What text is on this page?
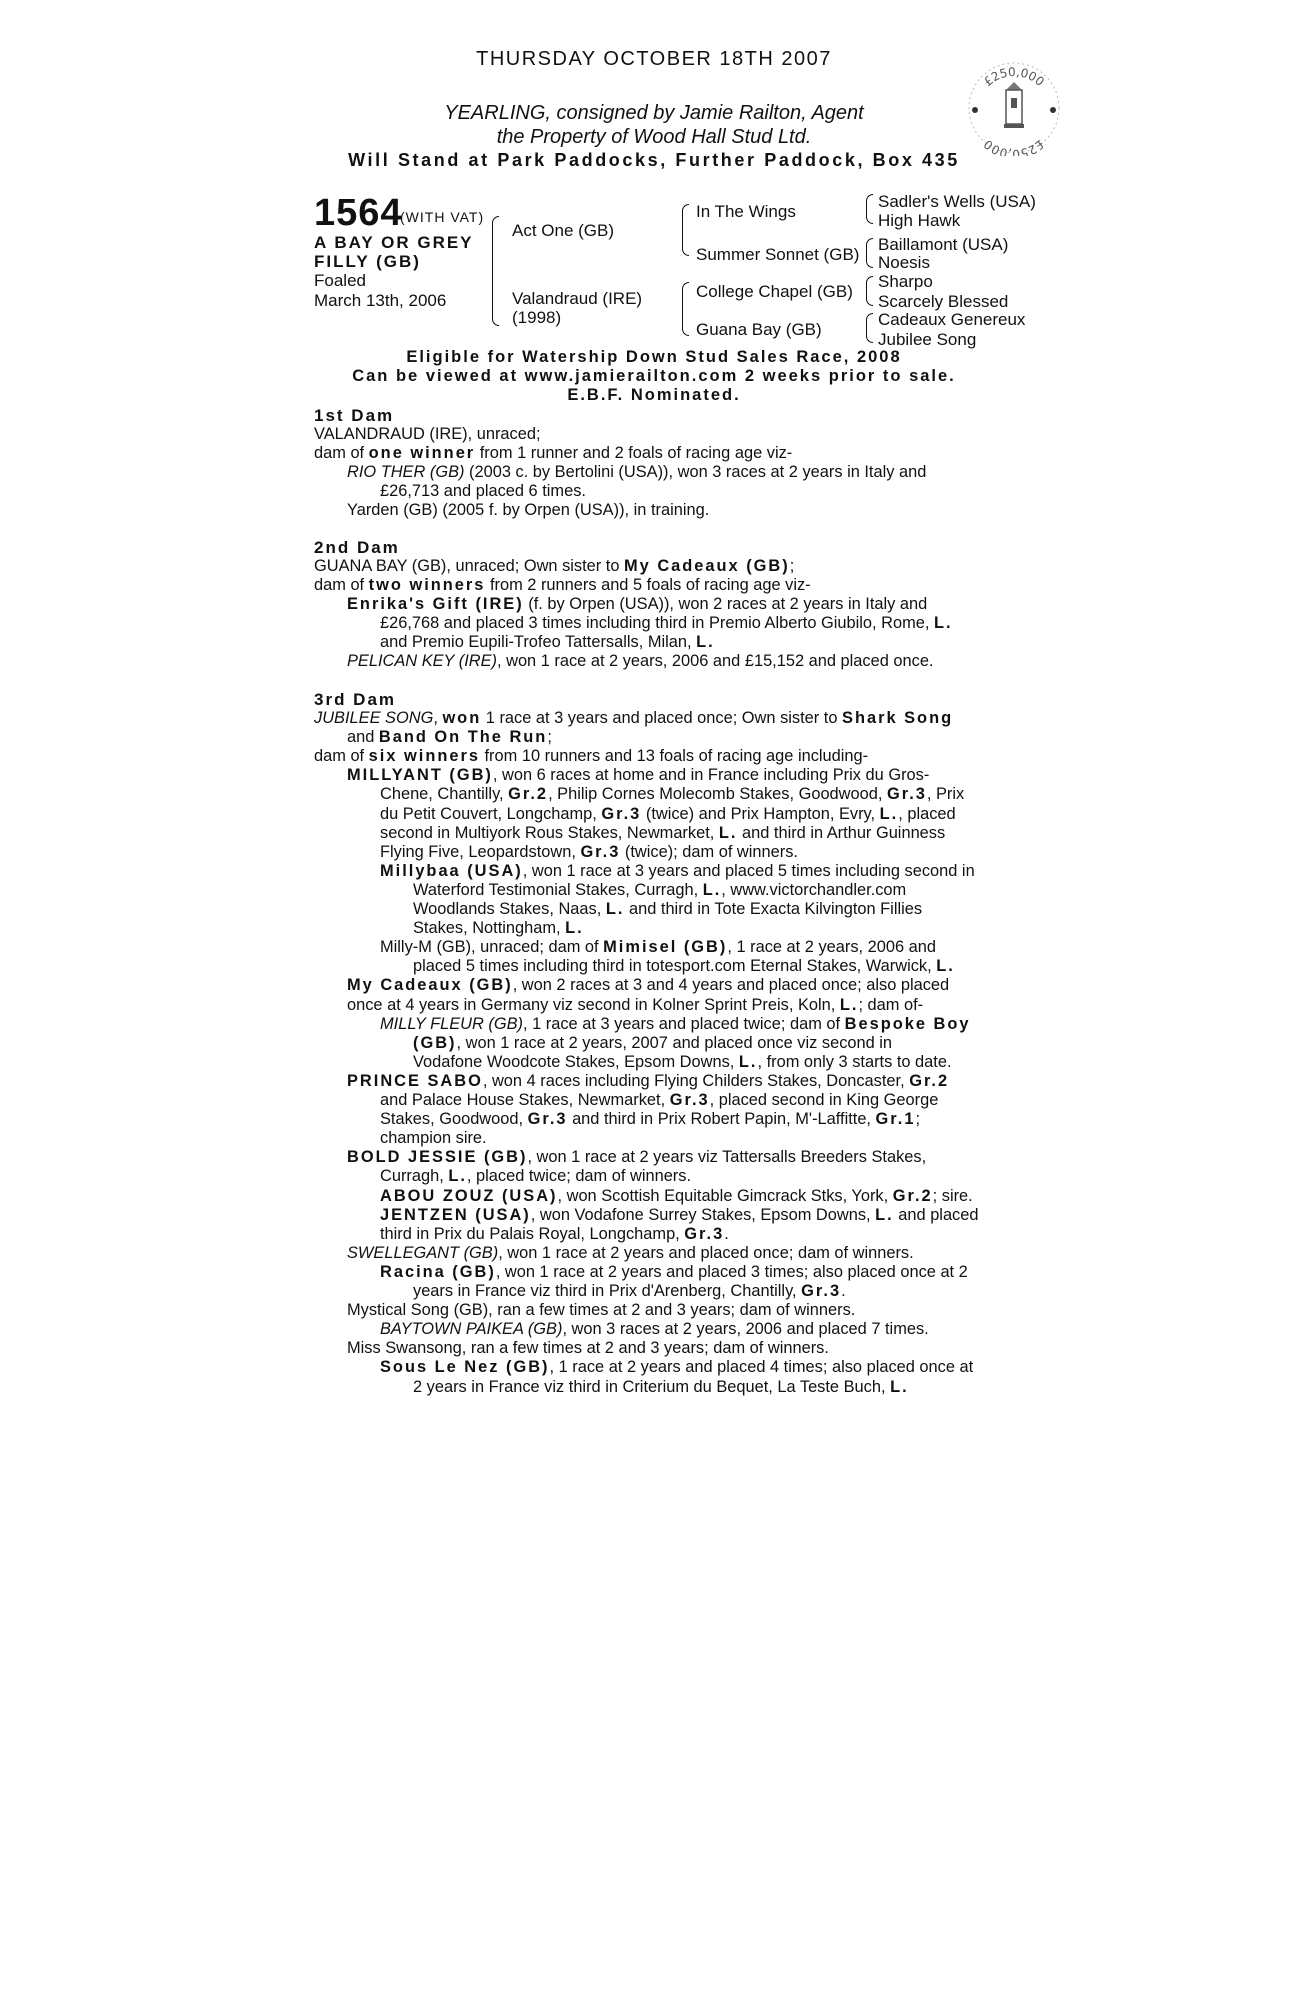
THURSDAY OCTOBER 18TH 2007
YEARLING, consigned by Jamie Railton, Agent
the Property of Wood Hall Stud Ltd.
Will Stand at Park Paddocks, Further Paddock, Box 435
£250,000
£250,000
1564
(WITH VAT)
A BAY OR GREY
FILLY (GB)
Foaled
March 13th, 2006
Act One (GB)
Valandraud (IRE)
(1998)
In The Wings
Summer Sonnet (GB)
College Chapel (GB)
Guana Bay (GB)
Sadler's Wells (USA)
High Hawk
Baillamont (USA)
Noesis
Sharpo
Scarcely Blessed
Cadeaux Genereux
Jubilee Song
Eligible for Watership Down Stud Sales Race, 2008
Can be viewed at www.jamierailton.com 2 weeks prior to sale.
E.B.F. Nominated.
1st Dam
VALANDRAUD (IRE), unraced;
dam of one winner from 1 runner and 2 foals of racing age viz-
RIO THER (GB) (2003 c. by Bertolini (USA)), won 3 races at 2 years in Italy and
£26,713 and placed 6 times.
Yarden (GB) (2005 f. by Orpen (USA)), in training.
2nd Dam
GUANA BAY (GB), unraced; Own sister to My Cadeaux (GB);
dam of two winners from 2 runners and 5 foals of racing age viz-
Enrika's Gift (IRE) (f. by Orpen (USA)), won 2 races at 2 years in Italy and
£26,768 and placed 3 times including third in Premio Alberto Giubilo, Rome, L.
and Premio Eupili-Trofeo Tattersalls, Milan, L.
PELICAN KEY (IRE), won 1 race at 2 years, 2006 and £15,152 and placed once.
3rd Dam
JUBILEE SONG, won 1 race at 3 years and placed once; Own sister to Shark Song
and Band On The Run;
dam of six winners from 10 runners and 13 foals of racing age including-
MILLYANT (GB), won 6 races at home and in France including Prix du Gros-
Chene, Chantilly, Gr.2, Philip Cornes Molecomb Stakes, Goodwood, Gr.3, Prix
du Petit Couvert, Longchamp, Gr.3 (twice) and Prix Hampton, Evry, L., placed
second in Multiyork Rous Stakes, Newmarket, L. and third in Arthur Guinness
Flying Five, Leopardstown, Gr.3 (twice); dam of winners.
Millybaa (USA), won 1 race at 3 years and placed 5 times including second in
Waterford Testimonial Stakes, Curragh, L., www.victorchandler.com
Woodlands Stakes, Naas, L. and third in Tote Exacta Kilvington Fillies
Stakes, Nottingham, L.
Milly-M (GB), unraced; dam of Mimisel (GB), 1 race at 2 years, 2006 and
placed 5 times including third in totesport.com Eternal Stakes, Warwick, L.
My Cadeaux (GB), won 2 races at 3 and 4 years and placed once; also placed
once at 4 years in Germany viz second in Kolner Sprint Preis, Koln, L.; dam of-
MILLY FLEUR (GB), 1 race at 3 years and placed twice; dam of Bespoke Boy
(GB), won 1 race at 2 years, 2007 and placed once viz second in
Vodafone Woodcote Stakes, Epsom Downs, L., from only 3 starts to date.
PRINCE SABO, won 4 races including Flying Childers Stakes, Doncaster, Gr.2
and Palace House Stakes, Newmarket, Gr.3, placed second in King George
Stakes, Goodwood, Gr.3 and third in Prix Robert Papin, M'-Laffitte, Gr.1;
champion sire.
BOLD JESSIE (GB), won 1 race at 2 years viz Tattersalls Breeders Stakes,
Curragh, L., placed twice; dam of winners.
ABOU ZOUZ (USA), won Scottish Equitable Gimcrack Stks, York, Gr.2; sire.
JENTZEN (USA), won Vodafone Surrey Stakes, Epsom Downs, L. and placed
third in Prix du Palais Royal, Longchamp, Gr.3.
SWELLEGANT (GB), won 1 race at 2 years and placed once; dam of winners.
Racina (GB), won 1 race at 2 years and placed 3 times; also placed once at 2
years in France viz third in Prix d'Arenberg, Chantilly, Gr.3.
Mystical Song (GB), ran a few times at 2 and 3 years; dam of winners.
BAYTOWN PAIKEA (GB), won 3 races at 2 years, 2006 and placed 7 times.
Miss Swansong, ran a few times at 2 and 3 years; dam of winners.
Sous Le Nez (GB), 1 race at 2 years and placed 4 times; also placed once at
2 years in France viz third in Criterium du Bequet, La Teste Buch, L.
